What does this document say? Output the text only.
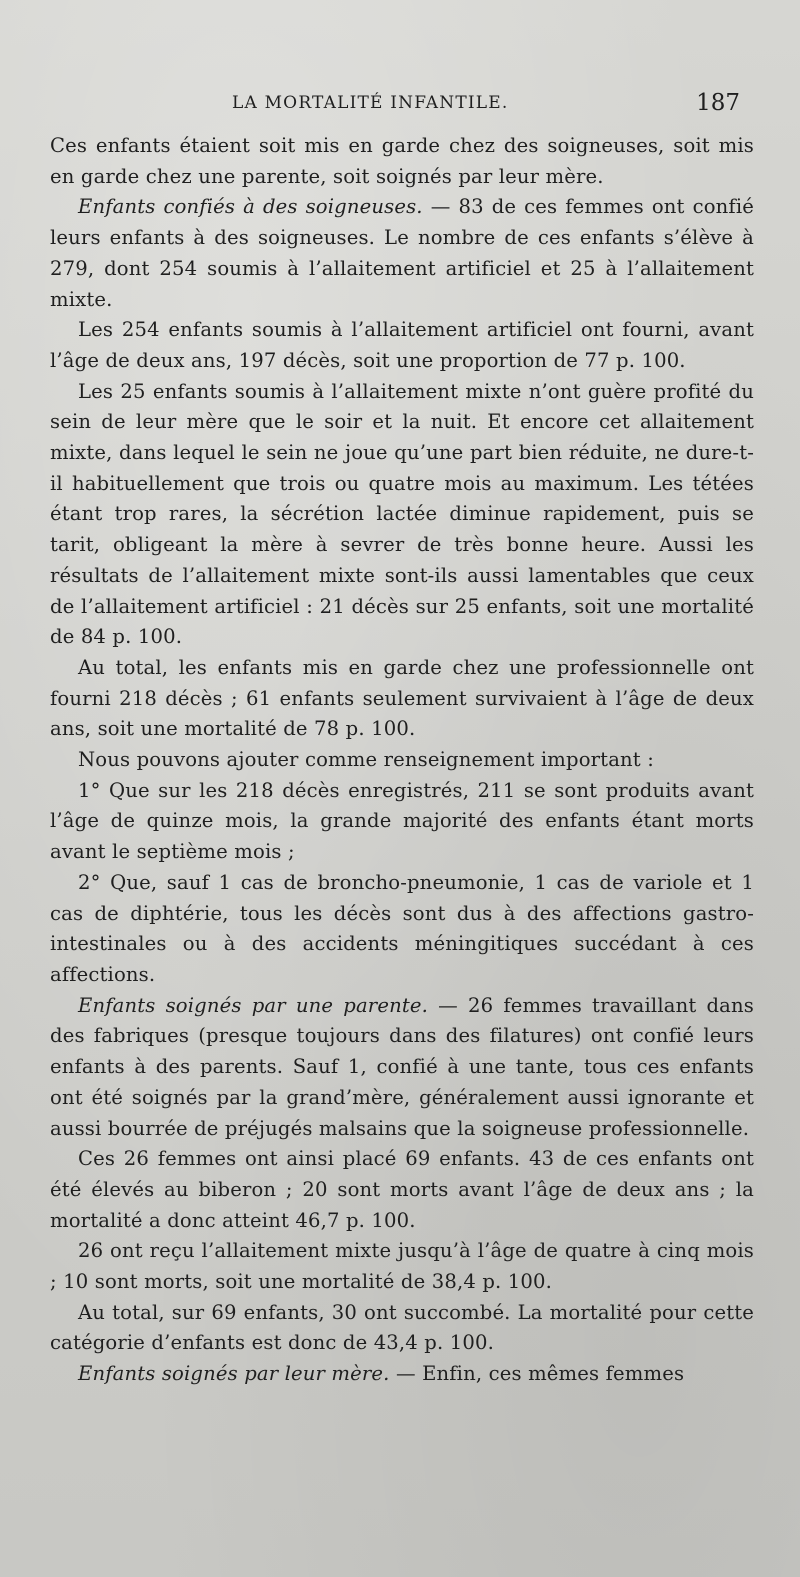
LA MORTALITÉ INFANTILE.	187

Ces enfants étaient soit mis en garde chez des soigneuses, soit mis en garde chez une parente, soit soignés par leur mère.

Enfants confiés à des soigneuses. — 83 de ces femmes ont confié leurs enfants à des soigneuses. Le nombre de ces enfants s’élève à 279, dont 254 soumis à l’allaitement artificiel et 25 à l’allaitement mixte.

Les 254 enfants soumis à l’allaitement artificiel ont fourni, avant l’âge de deux ans, 197 décès, soit une proportion de 77 p. 100.

Les 25 enfants soumis à l’allaitement mixte n’ont guère profité du sein de leur mère que le soir et la nuit. Et encore cet allaitement mixte, dans lequel le sein ne joue qu’une part bien réduite, ne dure-t-il habituellement que trois ou quatre mois au maximum. Les tétées étant trop rares, la sécrétion lactée diminue rapidement, puis se tarit, obligeant la mère à sevrer de très bonne heure. Aussi les résultats de l’allaitement mixte sont-ils aussi lamentables que ceux de l’allaitement artificiel : 21 décès sur 25 enfants, soit une mortalité de 84 p. 100.

Au total, les enfants mis en garde chez une professionnelle ont fourni 218 décès ; 61 enfants seulement survivaient à l’âge de deux ans, soit une mortalité de 78 p. 100.

Nous pouvons ajouter comme renseignement important :

1° Que sur les 218 décès enregistrés, 211 se sont produits avant l’âge de quinze mois, la grande majorité des enfants étant morts avant le septième mois ;

2° Que, sauf 1 cas de broncho-pneumonie, 1 cas de variole et 1 cas de diphtérie, tous les décès sont dus à des affections gastro-intestinales ou à des accidents méningitiques succédant à ces affections.

Enfants soignés par une parente. — 26 femmes travaillant dans des fabriques (presque toujours dans des filatures) ont confié leurs enfants à des parents. Sauf 1, confié à une tante, tous ces enfants ont été soignés par la grand’mère, généralement aussi ignorante et aussi bourrée de préjugés malsains que la soigneuse professionnelle.

Ces 26 femmes ont ainsi placé 69 enfants. 43 de ces enfants ont été élevés au biberon ; 20 sont morts avant l’âge de deux ans ; la mortalité a donc atteint 46,7 p. 100.

26 ont reçu l’allaitement mixte jusqu’à l’âge de quatre à cinq mois ; 10 sont morts, soit une mortalité de 38,4 p. 100.

Au total, sur 69 enfants, 30 ont succombé. La mortalité pour cette catégorie d’enfants est donc de 43,4 p. 100.

Enfants soignés par leur mère. — Enfin, ces mêmes femmes
